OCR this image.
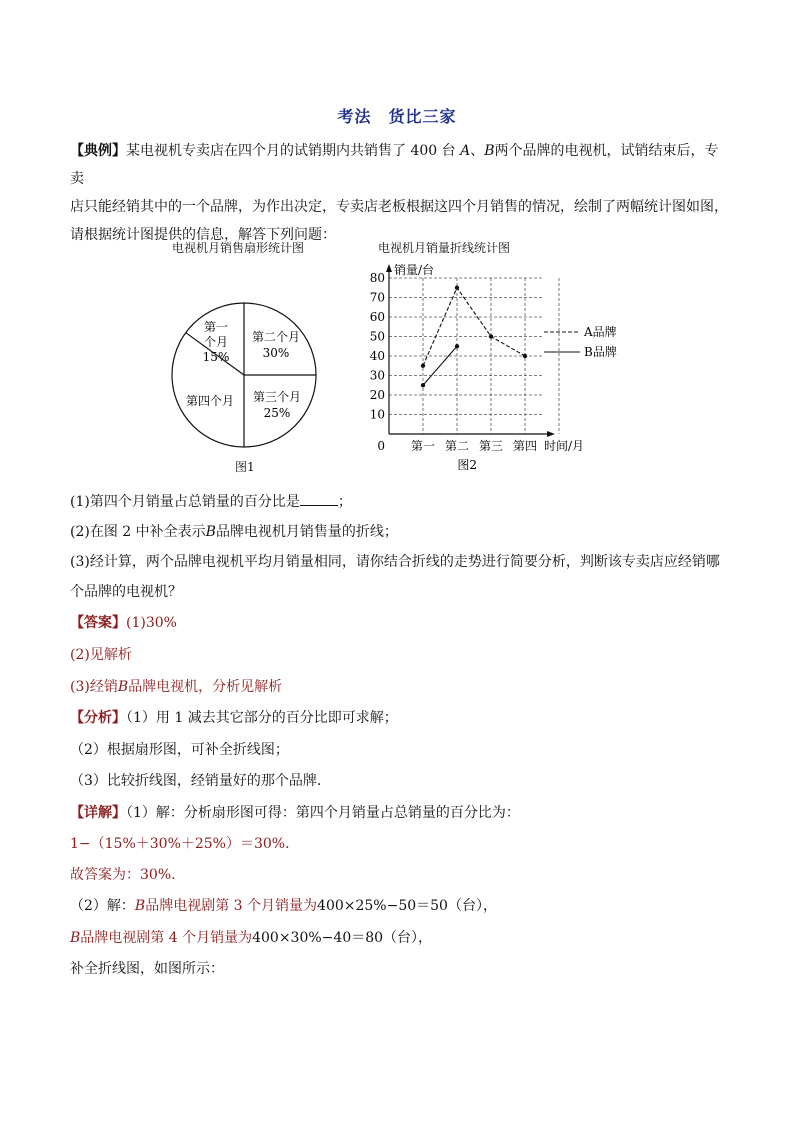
考法　货比三家
【典例】某电视机专卖店在四个月的试销期内共销售了 400 台 A、B两个品牌的电视机，试销结束后，专卖
店只能经销其中的一个品牌，为作出决定，专卖店老板根据这四个月销售的情况，绘制了两幅统计图如图，
请根据统计图提供的信息，解答下列问题：
电视机月销售扇形统计图
第一
个月
15%
第二个月
30%
第三个月
25%
第四个月
图1
电视机月销量折线统计图
10
20
30
40
50
60
70
80
销量/台
0 第一 第二 第三 第四 时间/月
A品牌
B品牌
图2
(1)第四个月销量占总销量的百分比是	；
(2)在图 2 中补全表示B品牌电视机月销售量的折线；
(3)经计算，两个品牌电视机平均月销量相同，请你结合折线的走势进行简要分析，判断该专卖店应经销哪
个品牌的电视机？
【答案】(1)30%
(2)见解析
(3)经销B品牌电视机，分析见解析
【分析】（1）用 1 减去其它部分的百分比即可求解；
（2）根据扇形图，可补全折线图；
（3）比较折线图，经销量好的那个品牌．
【详解】（1）解：分析扇形图可得：第四个月销量占总销量的百分比为：
1−（15%＋30%＋25%）＝30%．
故答案为：30%．
（2）解：B品牌电视剧第 3 个月销量为400×25%−50＝50（台），
B品牌电视剧第 4 个月销量为400×30%−40＝80（台），
补全折线图，如图所示：
